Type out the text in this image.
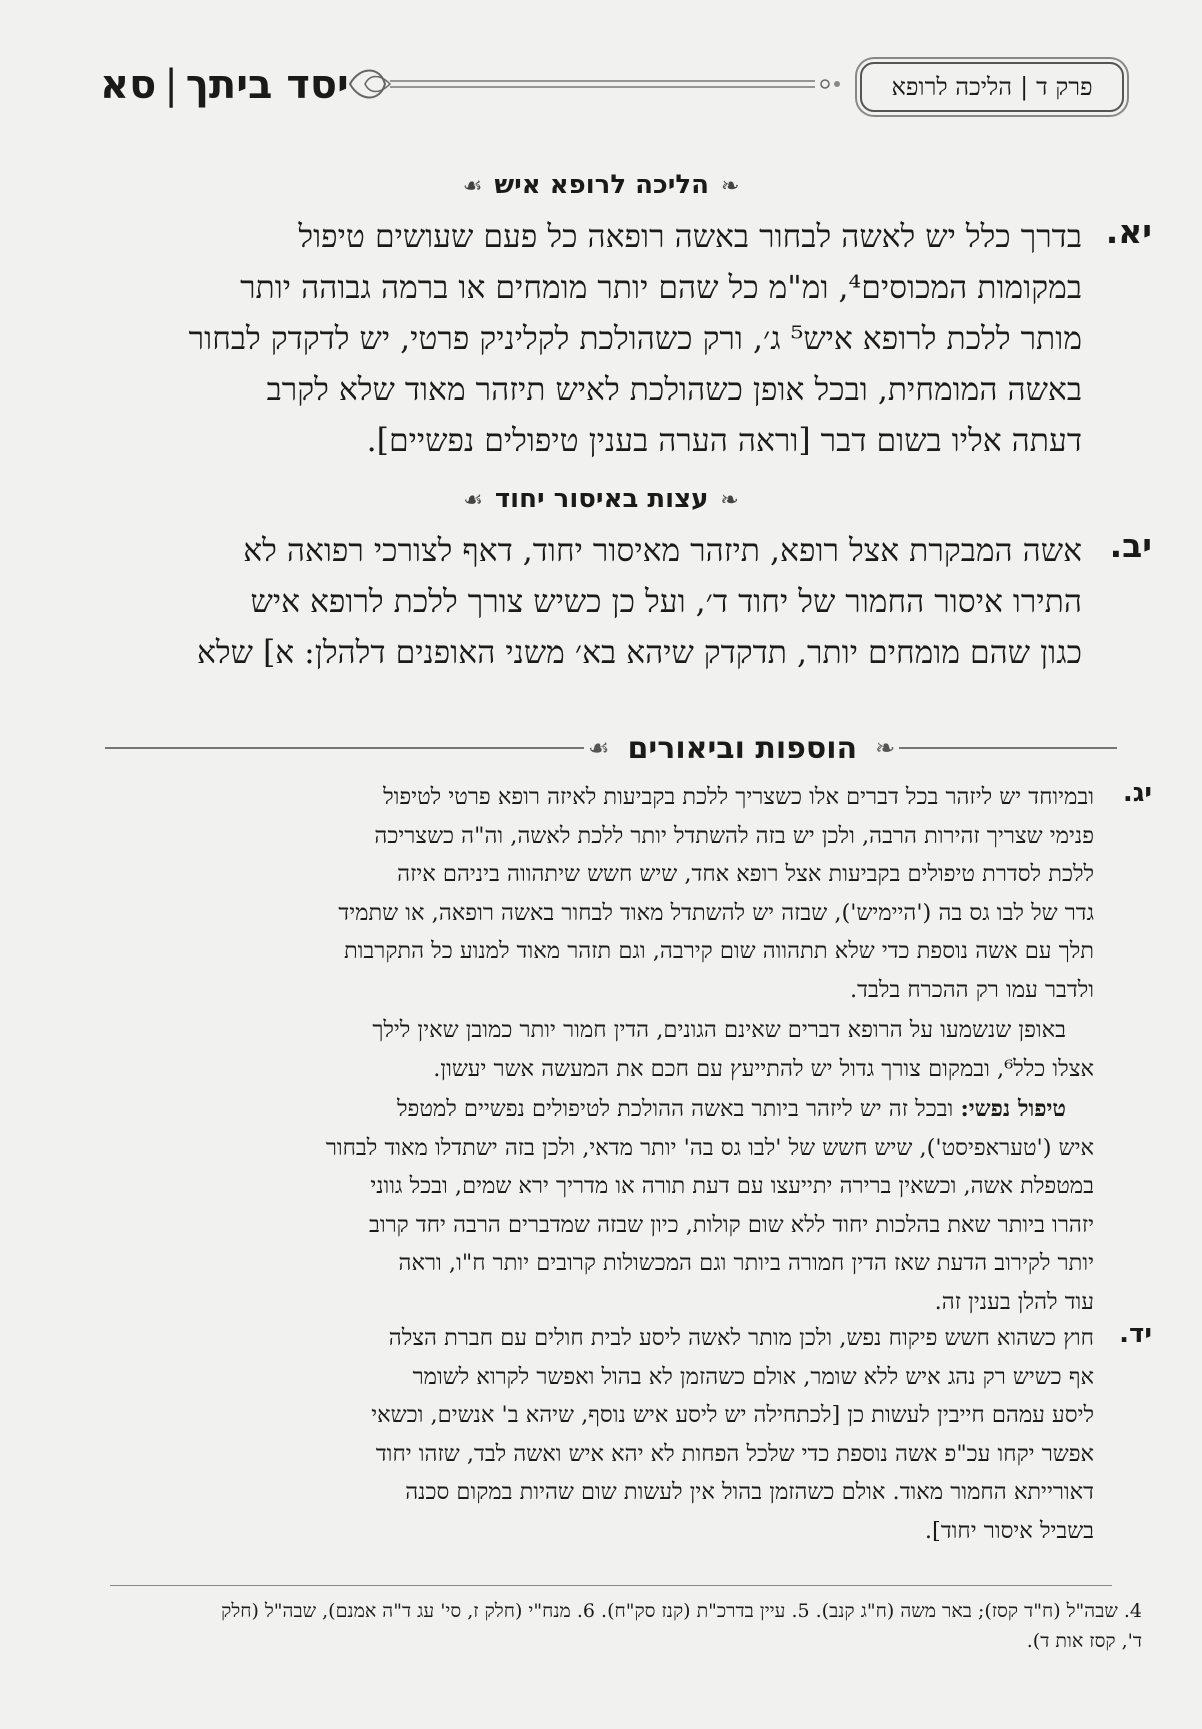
יסד ביתך|סא	פרק ד
|
הליכה לרופא
❧הליכה לרופא איש☙
יא.
בדרך כלל יש לאשה לבחור באשה רופאה כל פעם שעושים טיפול
במקומות המכוסים⁴, ומ"מ כל שהם יותר מומחים או ברמה גבוהה יותר
מותר ללכת לרופא איש⁵ ג׳, ורק כשהולכת לקליניק פרטי, יש לדקדק לבחור
באשה המומחית, ובכל אופן כשהולכת לאיש תיזהר מאוד שלא לקרב
דעתה אליו בשום דבר [וראה הערה בענין טיפולים נפשיים].
❧עצות באיסור יחוד☙
יב.
אשה המבקרת אצל רופא, תיזהר מאיסור יחוד, דאף לצורכי רפואה לא
התירו איסור החמור של יחוד ד׳, ועל כן כשיש צורך ללכת לרופא איש
כגון שהם מומחים יותר, תדקדק שיהא בא׳ משני האופנים דלהלן: א] שלא
❧
הוספות וביאורים
☙
יג.
ובמיוחד יש ליזהר בכל דברים אלו כשצריך ללכת בקביעות לאיזה רופא פרטי לטיפול
פנימי שצריך זהירות הרבה, ולכן יש בזה להשתדל יותר ללכת לאשה, וה"ה כשצריכה
ללכת לסדרת טיפולים בקביעות אצל רופא אחד, שיש חשש שיתהווה ביניהם איזה
גדר של לבו גס בה ('היימיש'), שבזה יש להשתדל מאוד לבחור באשה רופאה, או שתמיד
תלך עם אשה נוספת כדי שלא תתהווה שום קירבה, וגם תזהר מאוד למנוע כל התקרבות
ולדבר עמו רק ההכרח בלבד.
באופן שנשמעו על הרופא דברים שאינם הגונים, הדין חמור יותר כמובן שאין לילך
אצלו כלל⁶, ובמקום צורך גדול יש להתייעץ עם חכם את המעשה אשר יעשון.
טיפול נפשי: ובכל זה יש ליזהר ביותר באשה ההולכת לטיפולים נפשיים למטפל
איש ('טעראפיסט'), שיש חשש של 'לבו גס בה' יותר מדאי, ולכן בזה ישתדלו מאוד לבחור
במטפלת אשה, וכשאין ברירה יתייעצו עם דעת תורה או מדריך ירא שמים, ובכל גווני
יזהרו ביותר שאת בהלכות יחוד ללא שום קולות, כיון שבזה שמדברים הרבה יחד קרוב
יותר לקירוב הדעת שאז הדין חמורה ביותר וגם המכשולות קרובים יותר ח"ו, וראה
עוד להלן בענין זה.
יד.
חוץ כשהוא חשש פיקוח נפש, ולכן מותר לאשה ליסע לבית חולים עם חברת הצלה
אף כשיש רק נהג איש ללא שומר, אולם כשהזמן לא בהול ואפשר לקרוא לשומר
ליסע עמהם חייבין לעשות כן [לכתחילה יש ליסע איש נוסף, שיהא ב' אנשים, וכשאי
אפשר יקחו עכ"פ אשה נוספת כדי שלכל הפחות לא יהא איש ואשה לבד, שזהו יחוד
דאורייתא החמור מאוד. אולם כשהזמן בהול אין לעשות שום שהיות במקום סכנה
בשביל איסור יחוד].
4. שבה"ל (ח"ד קסז); באר משה (ח"ג קנב). 5. עיין בדרכ"ת (קנז סק"ח). 6. מנח"י (חלק ז, סי' עג ד"ה אמנם), שבה"ל (חלק
ד', קסז אות ד).
